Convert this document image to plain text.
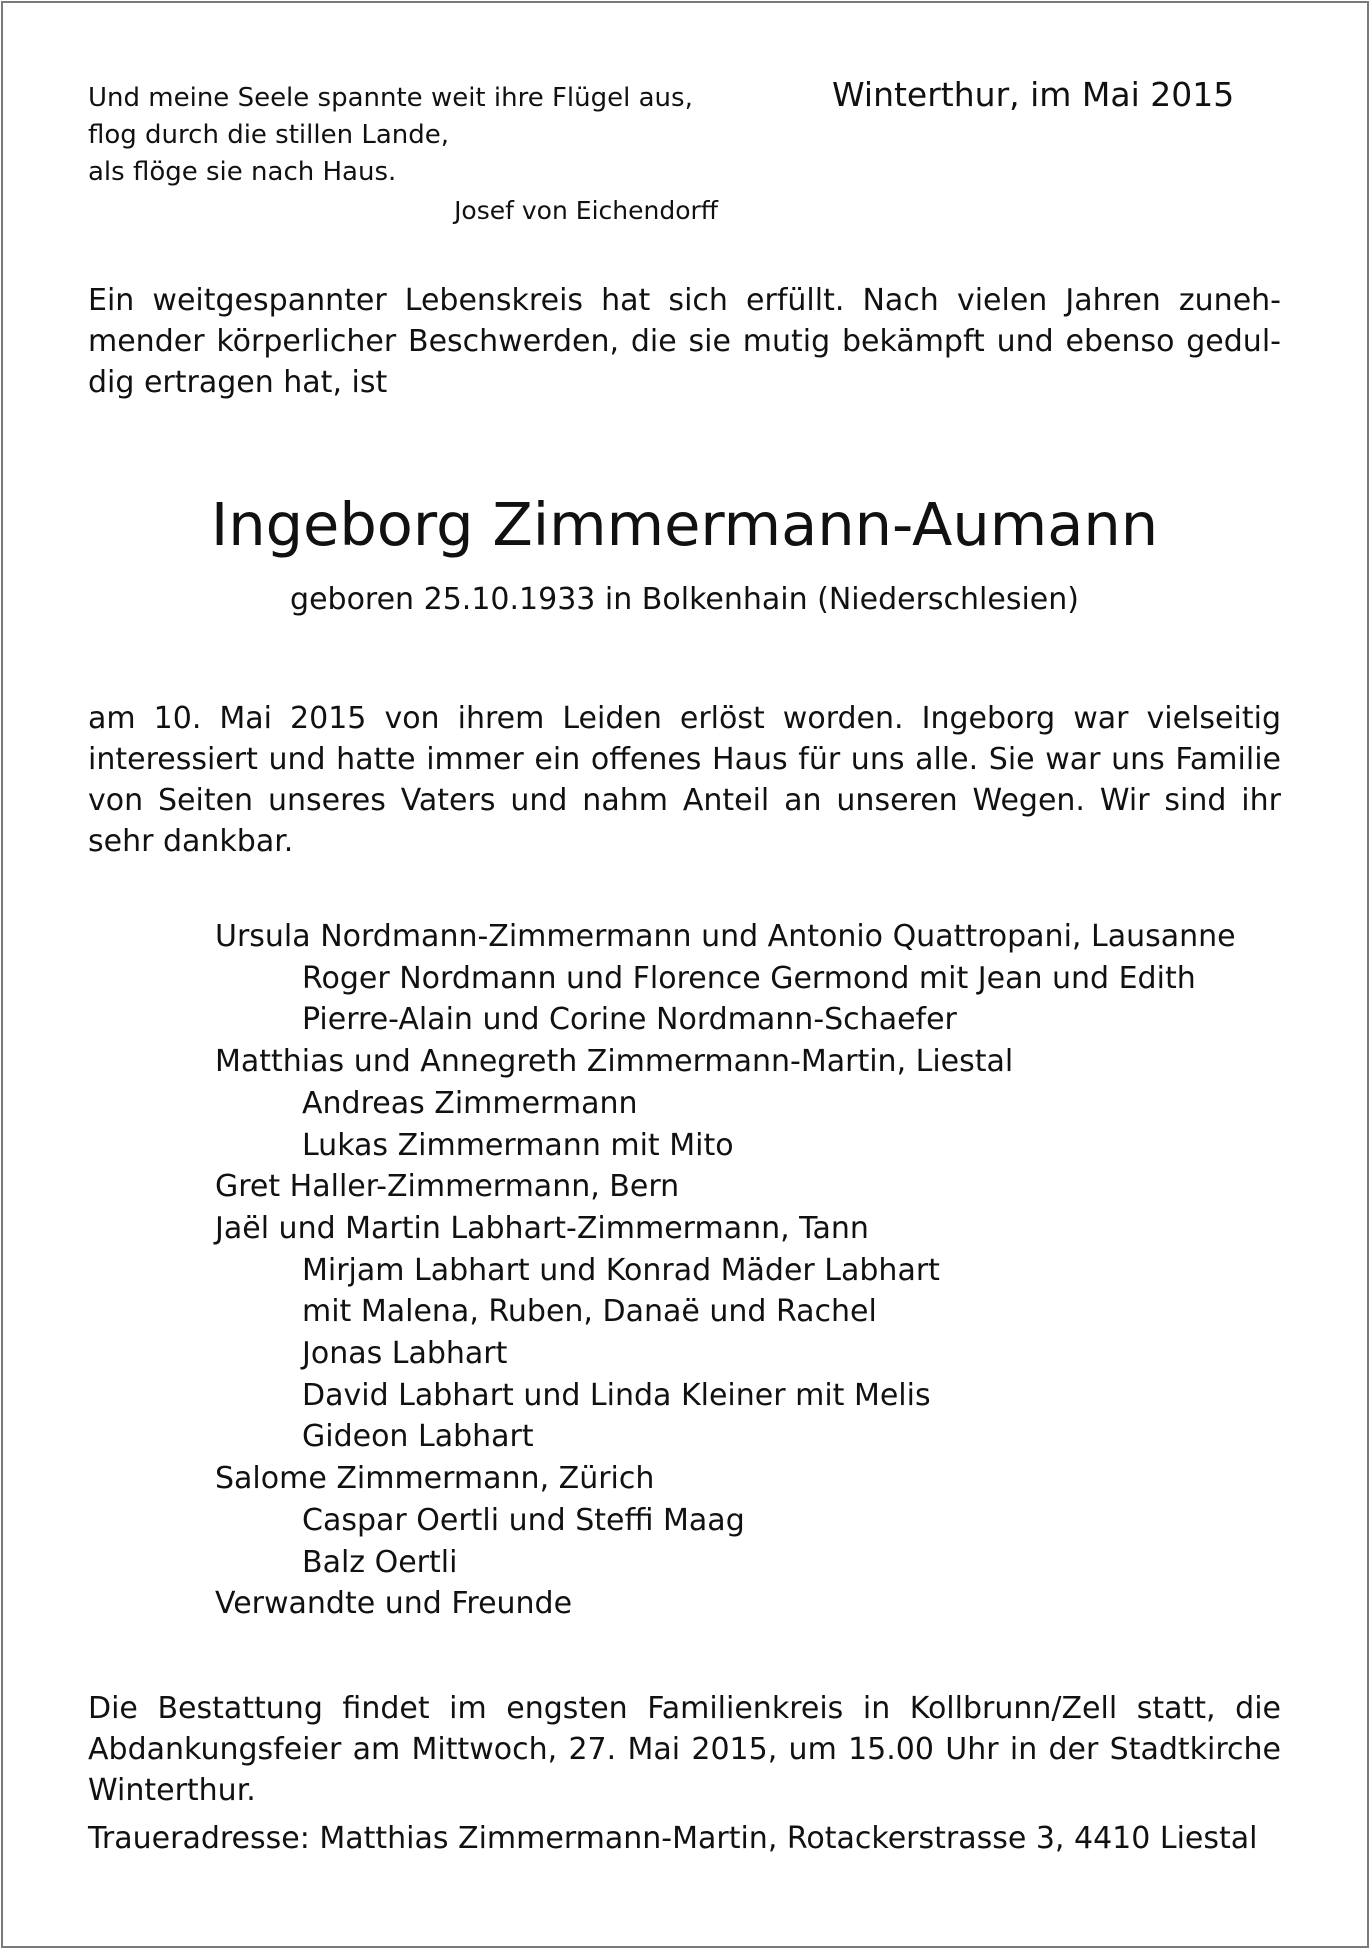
Und meine Seele spannte weit ihre Flügel aus,
flog durch die stillen Lande,
als flöge sie nach Haus.
Josef von Eichendorff
Winterthur, im Mai 2015

Ein weitgespannter Lebenskreis hat sich erfüllt. Nach vielen Jahren zunehmender körperlicher Beschwerden, die sie mutig bekämpft und ebenso geduldig ertragen hat, ist

Ingeborg Zimmermann-Aumann
geboren 25.10.1933 in Bolkenhain (Niederschlesien)

am 10. Mai 2015 von ihrem Leiden erlöst worden. Ingeborg war vielseitig interessiert und hatte immer ein offenes Haus für uns alle. Sie war uns Familie von Seiten unseres Vaters und nahm Anteil an unseren Wegen. Wir sind ihr sehr dankbar.

Ursula Nordmann-Zimmermann und Antonio Quattropani, Lausanne
Roger Nordmann und Florence Germond mit Jean und Edith
Pierre-Alain und Corine Nordmann-Schaefer
Matthias und Annegreth Zimmermann-Martin, Liestal
Andreas Zimmermann
Lukas Zimmermann mit Mito
Gret Haller-Zimmermann, Bern
Jaël und Martin Labhart-Zimmermann, Tann
Mirjam Labhart und Konrad Mäder Labhart
mit Malena, Ruben, Danaë und Rachel
Jonas Labhart
David Labhart und Linda Kleiner mit Melis
Gideon Labhart
Salome Zimmermann, Zürich
Caspar Oertli und Steffi Maag
Balz Oertli
Verwandte und Freunde

Die Bestattung findet im engsten Familienkreis in Kollbrunn/Zell statt, die Abdankungsfeier am Mittwoch, 27. Mai 2015, um 15.00 Uhr in der Stadtkirche Winterthur.

Traueradresse: Matthias Zimmermann-Martin, Rotackerstrasse 3, 4410 Liestal
